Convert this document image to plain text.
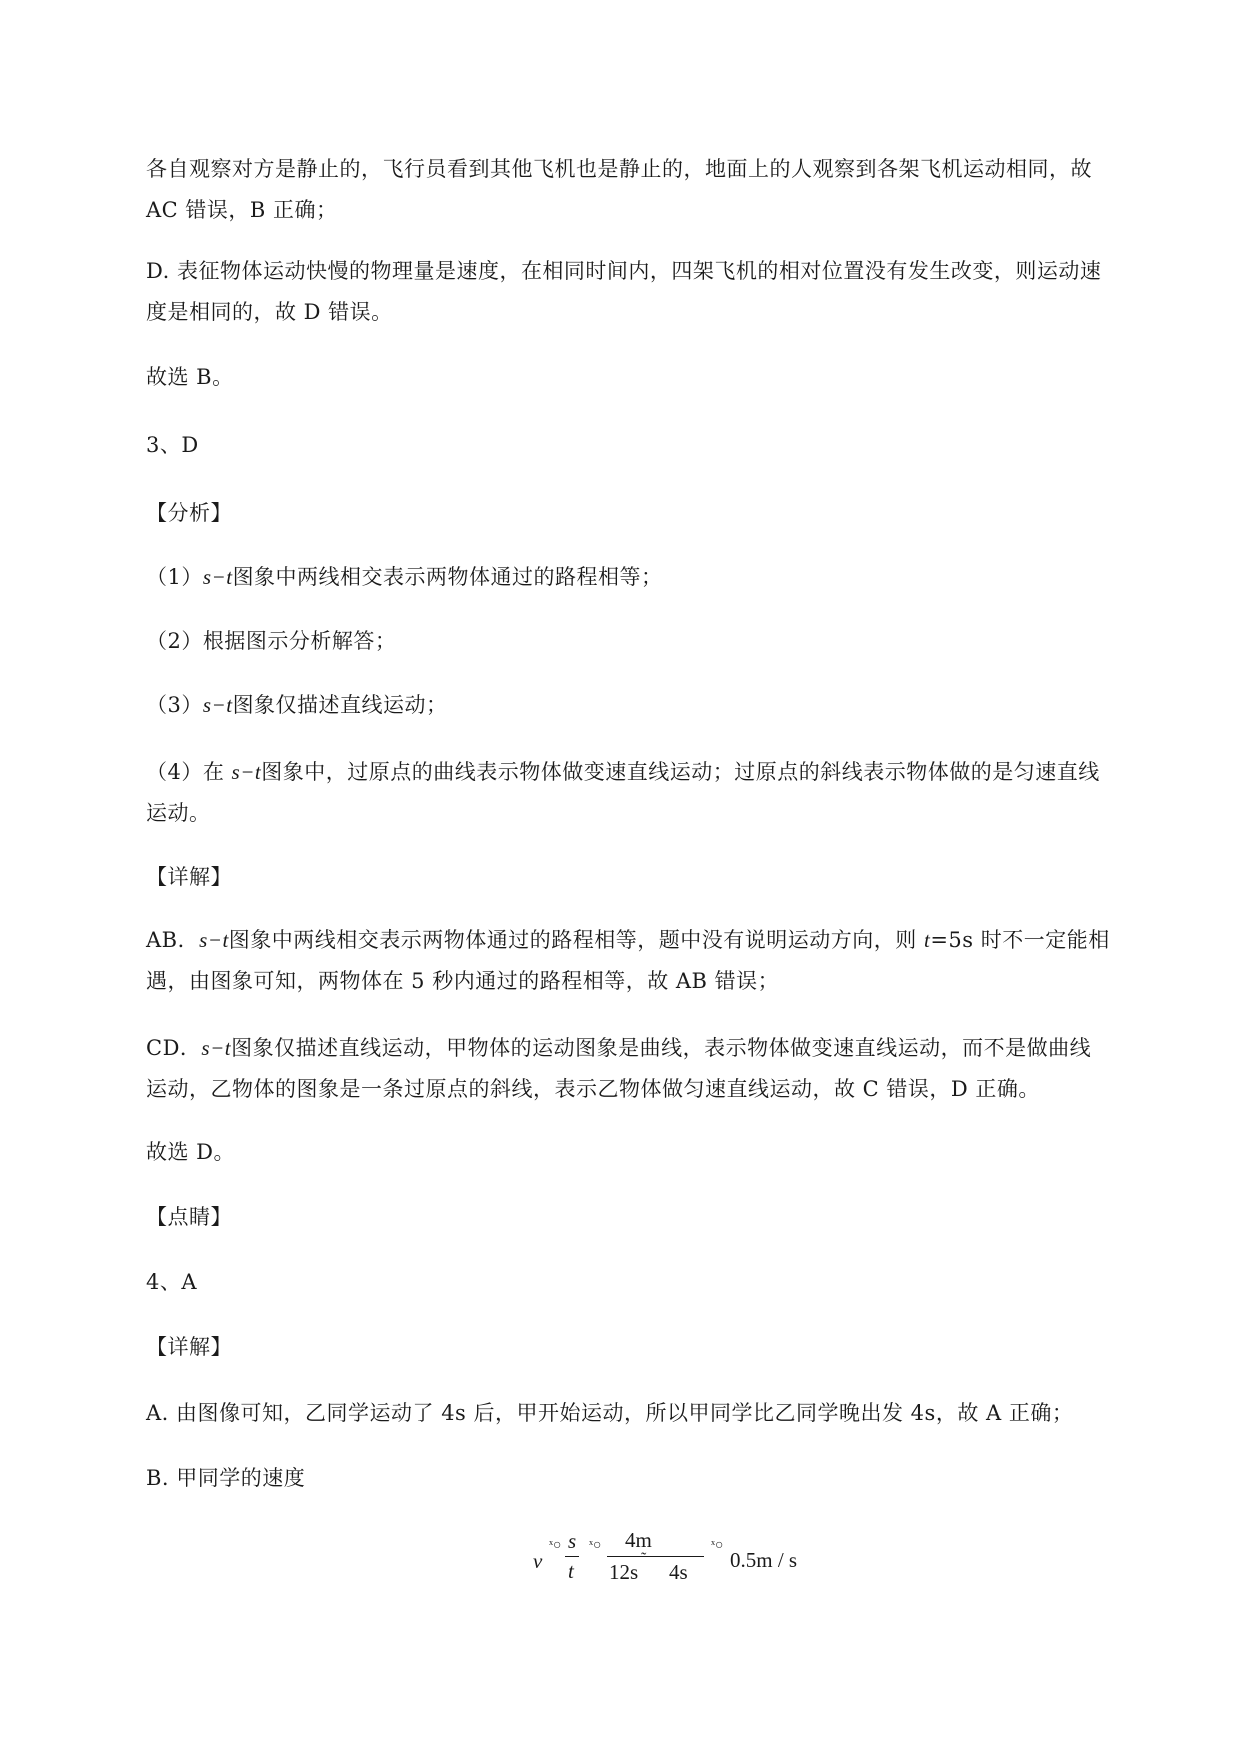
各自观察对方是静止的，飞行员看到其他飞机也是静止的，地面上的人观察到各架飞机运动相同，故

AC 错误，B 正确；

D. 表征物体运动快慢的物理量是速度，在相同时间内，四架飞机的相对位置没有发生改变，则运动速

度是相同的，故 D 错误。

故选 B。

3、D

【分析】

（1）s−t图象中两线相交表示两物体通过的路程相等；

（2）根据图示分析解答；

（3）s−t图象仅描述直线运动；

（4）在 s−t图象中，过原点的曲线表示物体做变速直线运动；过原点的斜线表示物体做的是匀速直线

运动。

【详解】

AB．s−t图象中两线相交表示两物体通过的路程相等，题中没有说明运动方向，则 t=5s 时不一定能相

遇，由图象可知，两物体在 5 秒内通过的路程相等，故 AB 错误；

CD．s−t图象仅描述直线运动，甲物体的运动图象是曲线，表示物体做变速直线运动，而不是做曲线

运动，乙物体的图象是一条过原点的斜线，表示乙物体做匀速直线运动，故 C 错误，D 正确。

故选 D。

【点睛】

4、A

【详解】

A. 由图像可知，乙同学运动了 4s 后，甲开始运动，所以甲同学比乙同学晚出发 4s，故 A 正确；

B. 甲同学的速度

v
ˣ○ s
t
ˣ○ 4m
12s
˜
4s
ˣ○
0.5m / s
